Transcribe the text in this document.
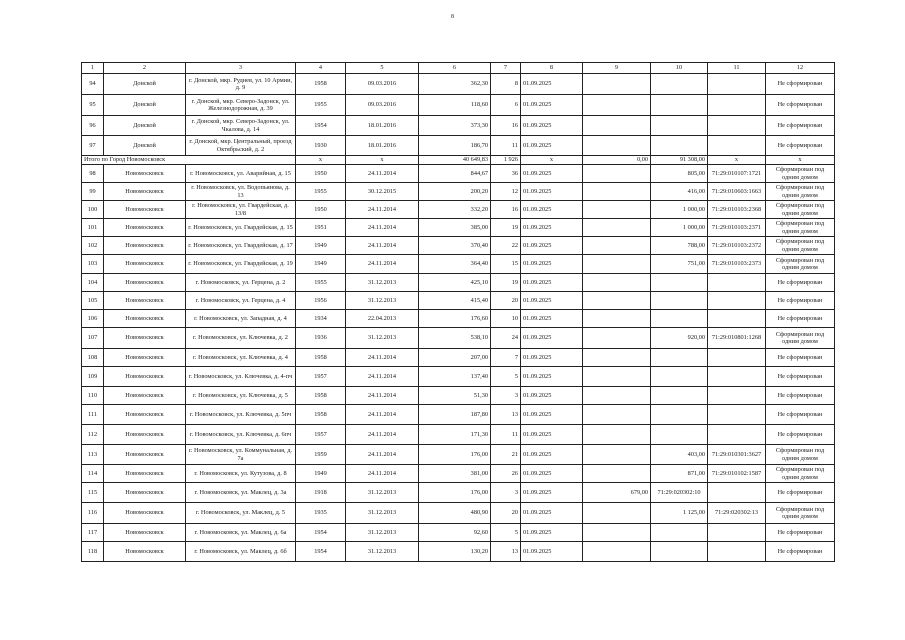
8
1	2	3	4	5	6	7	8	9	10	11	12
94	Донской	г. Донской, мкр. Руднев, ул. 10 Армии, д. 9	1958	09.03.2016	362,30	8	01.09.2025				Не сформирован
95	Донской	г. Донской, мкр. Северо-Задонск, ул. Железнодорожная, д. 39	1955	09.03.2016	118,60	6	01.09.2025				Не сформирован
96	Донской	г. Донской, мкр. Северо-Задонск, ул. Чкалова, д. 14	1954	18.01.2016	373,30	16	01.09.2025				Не сформирован
97	Донской	г. Донской, мкр. Центральный, проезд Октябрьский, д. 2	1930	18.01.2016	186,70	11	01.09.2025				Не сформирован
Итого по Город Новомосковск			x	x	40 649,83	1 926	x	0,00	91 308,00	x	x
98	Новомосковск	г. Новомосковск, ул. Аварийная, д. 15	1950	24.11.2014	844,67	36	01.09.2025		805,00	71:29:010107:1721	Сформирован под одним домом
99	Новомосковск	г. Новомосковск, ул. Водопьянова, д. 13	1955	30.12.2015	200,20	12	01.09.2025		416,00	71:29:010603:1663	Сформирован под одним домом
100	Новомосковск	г. Новомосковск, ул. Гвардейская, д. 13/8	1950	24.11.2014	332,20	16	01.09.2025		1 000,00	71:29:010103:2368	Сформирован под одним домом
101	Новомосковск	г. Новомосковск, ул. Гвардейская, д. 15	1951	24.11.2014	385,00	19	01.09.2025		1 000,00	71:29:010103:2371	Сформирован под одним домом
102	Новомосковск	г. Новомосковск, ул. Гвардейская, д. 17	1949	24.11.2014	370,40	22	01.09.2025		788,00	71:29:010103:2372	Сформирован под одним домом
103	Новомосковск	г. Новомосковск, ул. Гвардейская, д. 19	1949	24.11.2014	364,40	15	01.09.2025		751,00	71:29:010103:2373	Сформирован под одним домом
104	Новомосковск	г. Новомосковск, ул. Герцена, д. 2	1955	31.12.2013	425,10	19	01.09.2025				Не сформирован
105	Новомосковск	г. Новомосковск, ул. Герцена, д. 4	1956	31.12.2013	415,40	20	01.09.2025				Не сформирован
106	Новомосковск	г. Новомосковск, ул. Западная, д. 4	1934	22.04.2013	176,60	10	01.09.2025				Не сформирован
107	Новомосковск	г. Новомосковск, ул. Ключевка, д. 2	1936	31.12.2013	538,10	24	01.09.2025		920,00	71:29:010801:1268	Сформирован под одним домом
108	Новомосковск	г. Новомосковск, ул. Ключевка, д. 4	1958	24.11.2014	207,00	7	01.09.2025				Не сформирован
109	Новомосковск	г. Новомосковск, ул. Ключевка, д. 4-пч	1957	24.11.2014	137,40	5	01.09.2025				Не сформирован
110	Новомосковск	г. Новомосковск, ул. Ключевка, д. 5	1958	24.11.2014	51,30	3	01.09.2025				Не сформирован
111	Новомосковск	г. Новомосковск, ул. Ключевка, д. 5пч	1958	24.11.2014	187,80	13	01.09.2025				Не сформирован
112	Новомосковск	г. Новомосковск, ул. Ключевка, д. 6пч	1957	24.11.2014	171,30	11	01.09.2025				Не сформирован
113	Новомосковск	г. Новомосковск, ул. Коммунальная, д. 7а	1959	24.11.2014	176,00	21	01.09.2025		403,00	71:29:010301:3627	Сформирован под одним домом
114	Новомосковск	г. Новомосковск, ул. Кутузова, д. 8	1949	24.11.2014	381,00	26	01.09.2025		871,00	71:29:010102:1587	Сформирован под одним домом
115	Новомосковск	г. Новомосковск, ул. Маклец, д. 3а	1918	31.12.2013	176,00	3	01.09.2025	679,00	71:29:020302:10		Не сформирован
116	Новомосковск	г. Новомосковск, ул. Маклец, д. 5	1935	31.12.2013	480,90	20	01.09.2025		1 125,00	71:29:020302:13	Сформирован под одним домом
117	Новомосковск	г. Новомосковск, ул. Маклец, д. 6а	1954	31.12.2013	92,60	5	01.09.2025				Не сформирован
118	Новомосковск	г. Новомосковск, ул. Маклец, д. 6б	1954	31.12.2013	130,20	13	01.09.2025				Не сформирован
